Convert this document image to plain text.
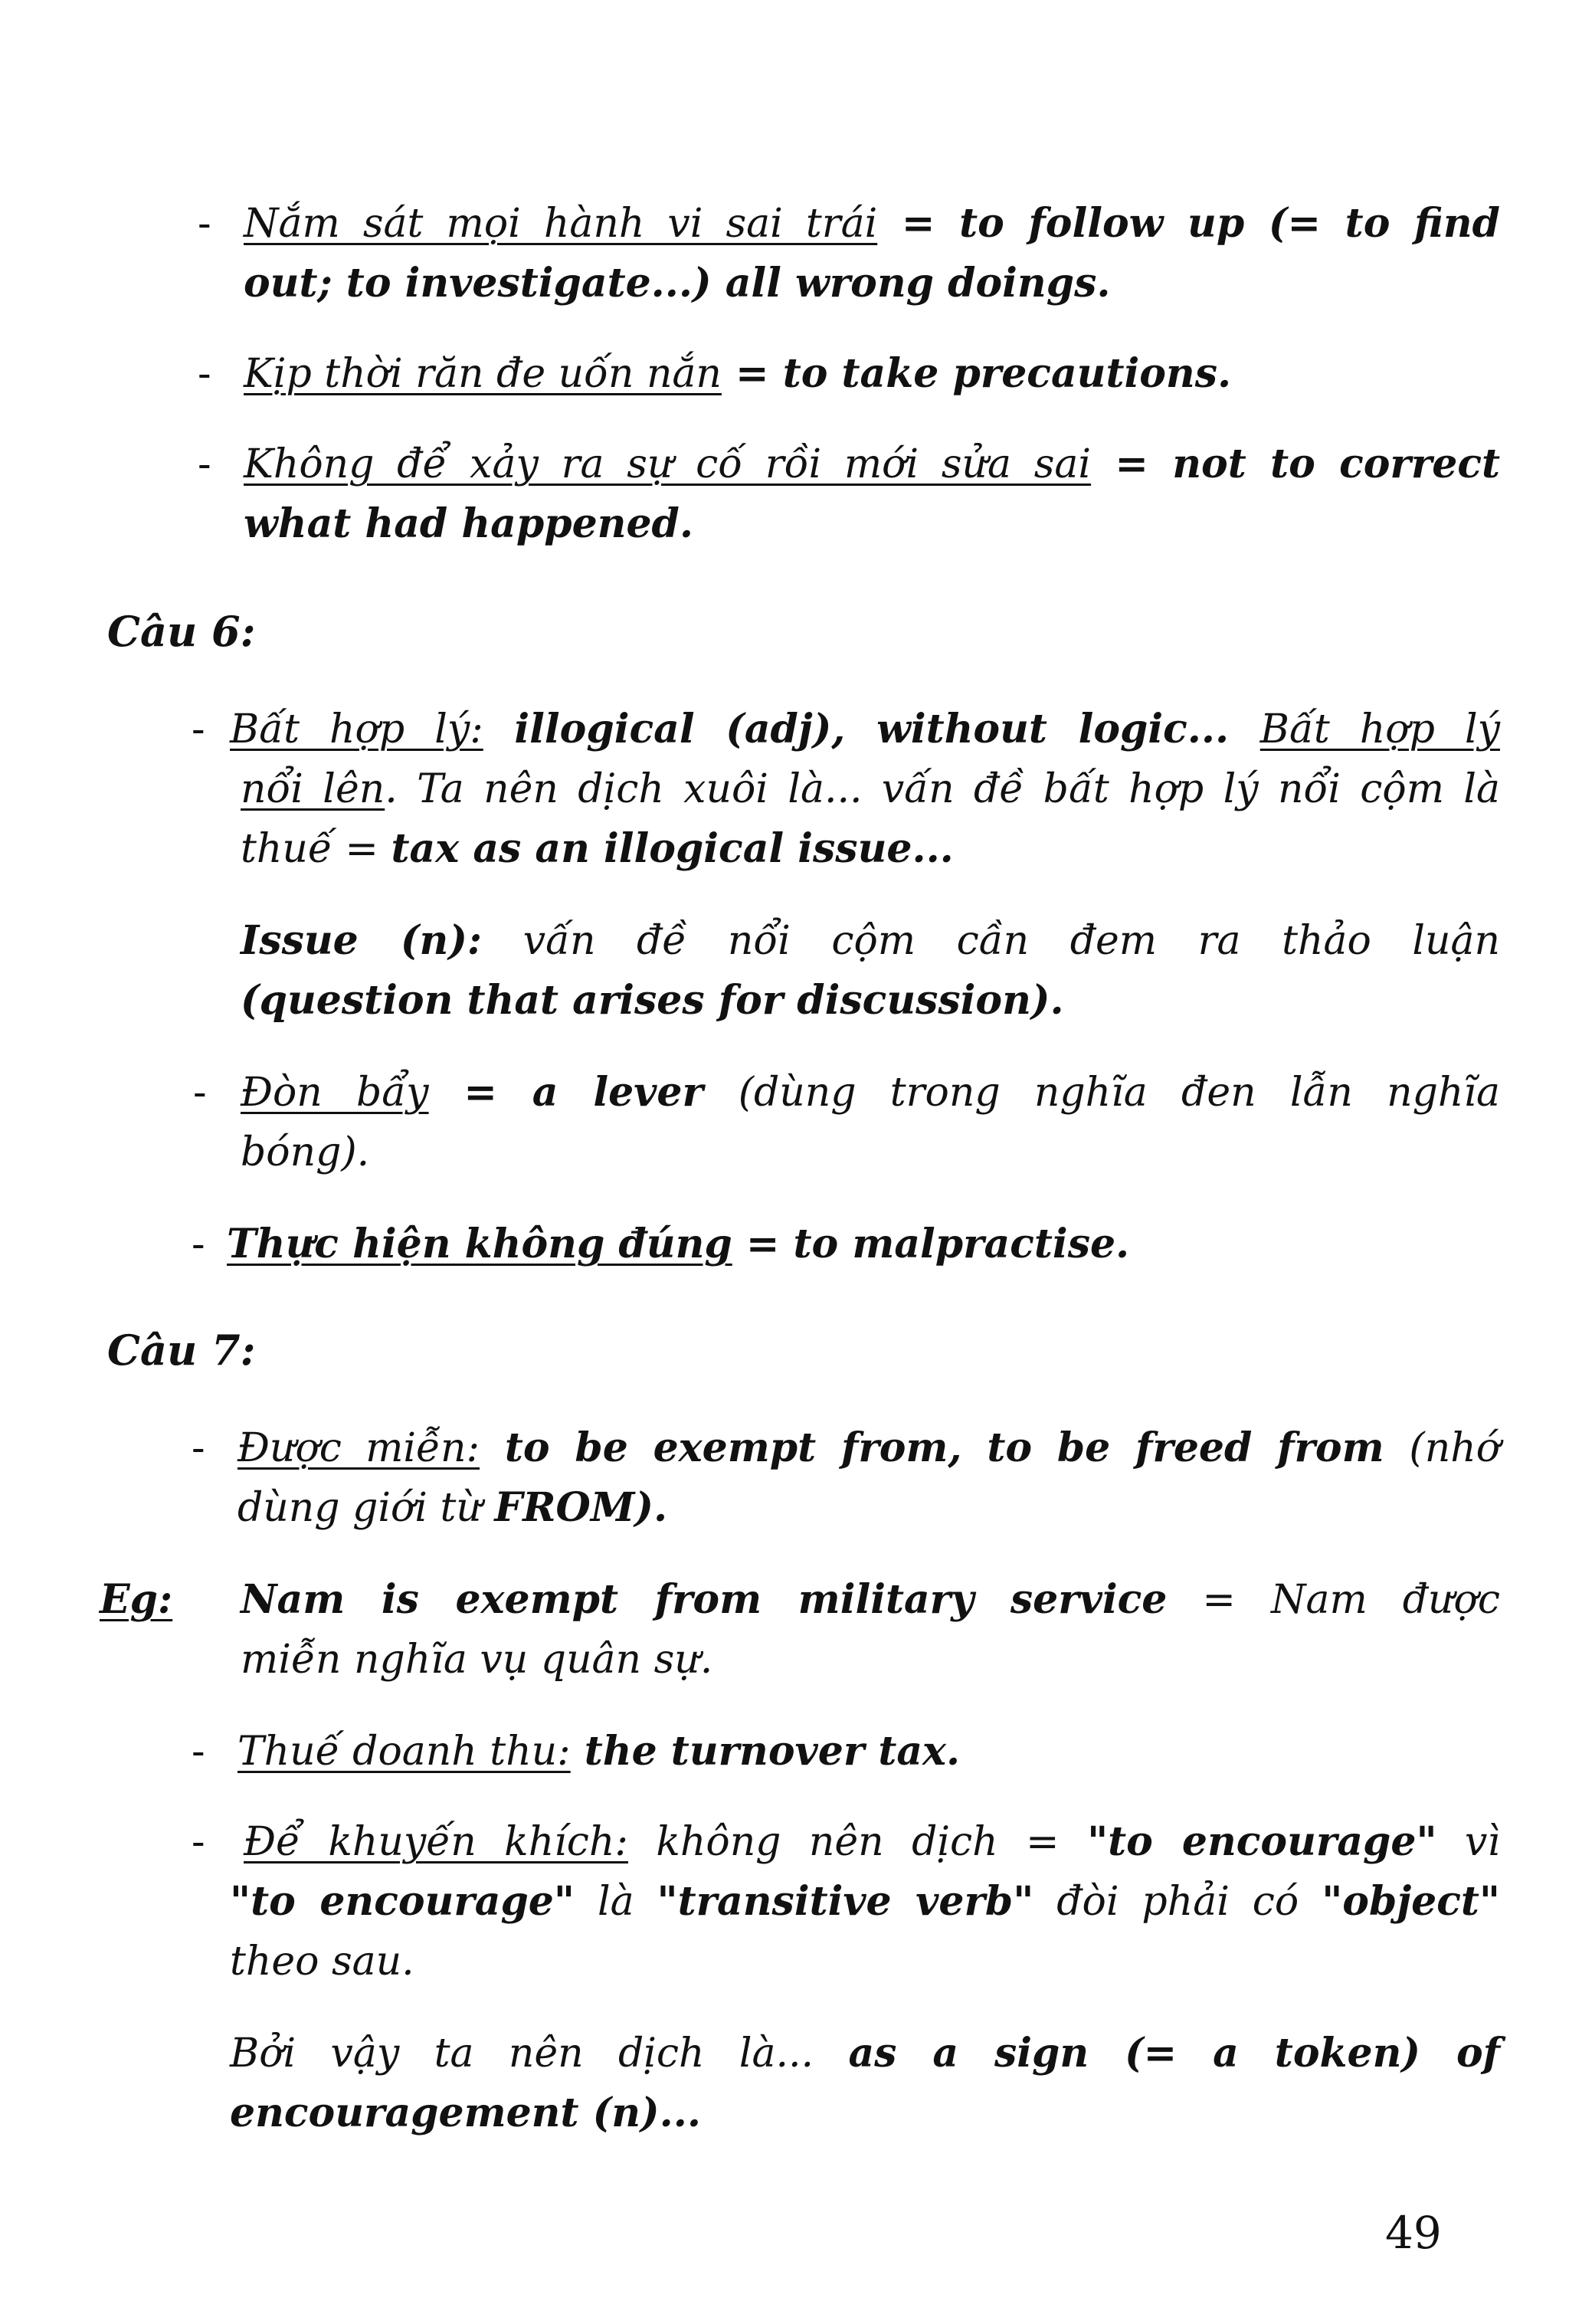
- Nắm sát mọi hành vi sai trái = to follow up (= to find
out; to investigate...) all wrong doings.
- Kịp thời răn đe uốn nắn = to take precautions.
- Không để xảy ra sự cố rồi mới sửa sai = not to correct
what had happened.
Câu 6:
- Bất hợp lý: illogical (adj), without logic... Bất hợp lý
nổi lên. Ta nên dịch xuôi là... vấn đề bất hợp lý nổi cộm là
thuế = tax as an illogical issue...
Issue (n): vấn đề nổi cộm cần đem ra thảo luận
(question that arises for discussion).
- Đòn bẩy = a lever (dùng trong nghĩa đen lẫn nghĩa
bóng).
- Thực hiện không đúng = to malpractise.
Câu 7:
- Được miễn: to be exempt from, to be freed from (nhớ
dùng giới từ FROM).
Eg: Nam is exempt from military service = Nam được
miễn nghĩa vụ quân sự.
- Thuế doanh thu: the turnover tax.
- Để khuyến khích: không nên dịch = "to encourage" vì
"to encourage" là "transitive verb" đòi phải có "object"
theo sau.
Bởi vậy ta nên dịch là... as a sign (= a token) of
encouragement (n)...
49
